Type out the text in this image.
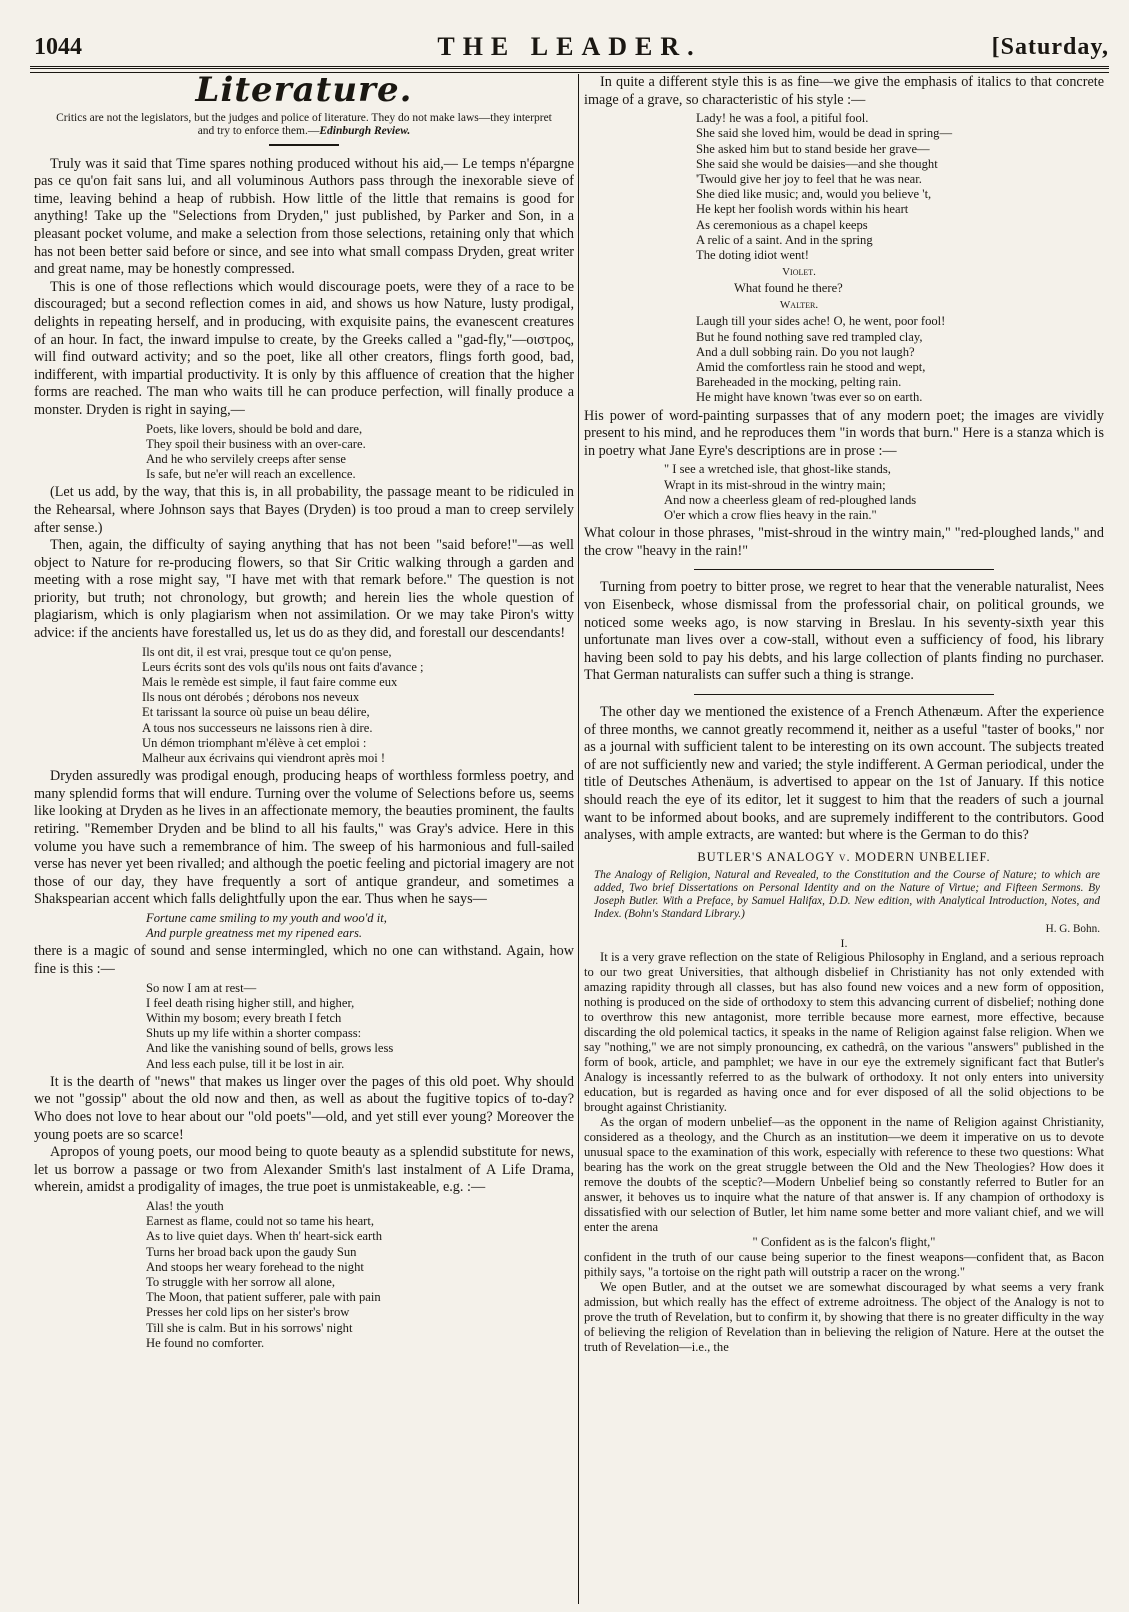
1044	THE LEADER.	[Saturday,
Literature.
Critics are not the legislators, but the judges and police of literature. They do not make laws—they interpret and try to enforce them.—Edinburgh Review.

Truly was it said that Time spares nothing produced without his aid,— Le temps n'épargne pas ce qu'on fait sans lui, and all voluminous Authors pass through the inexorable sieve of time, leaving behind a heap of rubbish. How little of the little that remains is good for anything! Take up the "Selections from Dryden," just published, by Parker and Son, in a pleasant pocket volume, and make a selection from those selections, retaining only that which has not been better said before or since, and see into what small compass Dryden, great writer and great name, may be honestly compressed.

This is one of those reflections which would discourage poets, were they of a race to be discouraged; but a second reflection comes in aid, and shows us how Nature, lusty prodigal, delights in repeating herself, and in producing, with exquisite pains, the evanescent creatures of an hour. In fact, the inward impulse to create, by the Greeks called a "gad-fly,"—οιστρος, will find outward activity; and so the poet, like all other creators, flings forth good, bad, indifferent, with impartial productivity. It is only by this affluence of creation that the higher forms are reached. The man who waits till he can produce perfection, will finally produce a monster. Dryden is right in saying,—

Poets, like lovers, should be bold and dare,
They spoil their business with an over-care.
And he who servilely creeps after sense
Is safe, but ne'er will reach an excellence.

(Let us add, by the way, that this is, in all probability, the passage meant to be ridiculed in the Rehearsal, where Johnson says that Bayes (Dryden) is too proud a man to creep servilely after sense.)

Then, again, the difficulty of saying anything that has not been "said before!"—as well object to Nature for re-producing flowers, so that Sir Critic walking through a garden and meeting with a rose might say, "I have met with that remark before." The question is not priority, but truth; not chronology, but growth; and herein lies the whole question of plagiarism, which is only plagiarism when not assimilation. Or we may take Piron's witty advice: if the ancients have forestalled us, let us do as they did, and forestall our descendants!

Ils ont dit, il est vrai, presque tout ce qu'on pense,
Leurs écrits sont des vols qu'ils nous ont faits d'avance ;
Mais le remède est simple, il faut faire comme eux
Ils nous ont dérobés ; dérobons nos neveux
Et tarissant la source où puise un beau délire,
A tous nos successeurs ne laissons rien à dire.
Un démon triomphant m'élève à cet emploi :
Malheur aux écrivains qui viendront après moi !

Dryden assuredly was prodigal enough, producing heaps of worthless formless poetry, and many splendid forms that will endure. Turning over the volume of Selections before us, seems like looking at Dryden as he lives in an affectionate memory, the beauties prominent, the faults retiring. "Remember Dryden and be blind to all his faults," was Gray's advice. Here in this volume you have such a remembrance of him. The sweep of his harmonious and full-sailed verse has never yet been rivalled; and although the poetic feeling and pictorial imagery are not those of our day, they have frequently a sort of antique grandeur, and sometimes a Shakspearian accent which falls delightfully upon the ear. Thus when he says—

Fortune came smiling to my youth and woo'd it,
And purple greatness met my ripened ears.

there is a magic of sound and sense intermingled, which no one can withstand. Again, how fine is this :—

So now I am at rest—
I feel death rising higher still, and higher,
Within my bosom; every breath I fetch
Shuts up my life within a shorter compass:
And like the vanishing sound of bells, grows less
And less each pulse, till it be lost in air.

It is the dearth of "news" that makes us linger over the pages of this old poet. Why should we not "gossip" about the old now and then, as well as about the fugitive topics of to-day? Who does not love to hear about our "old poets"—old, and yet still ever young? Moreover the young poets are so scarce!

Apropos of young poets, our mood being to quote beauty as a splendid substitute for news, let us borrow a passage or two from Alexander Smith's last instalment of A Life Drama, wherein, amidst a prodigality of images, the true poet is unmistakeable, e.g. :—

Alas! the youth
Earnest as flame, could not so tame his heart,
As to live quiet days. When th' heart-sick earth
Turns her broad back upon the gaudy Sun
And stoops her weary forehead to the night
To struggle with her sorrow all alone,
The Moon, that patient sufferer, pale with pain
Presses her cold lips on her sister's brow
Till she is calm. But in his sorrows' night
He found no comforter.

In quite a different style this is as fine—we give the emphasis of italics to that concrete image of a grave, so characteristic of his style :—

Lady! he was a fool, a pitiful fool.
She said she loved him, would be dead in spring—
She asked him but to stand beside her grave—
She said she would be daisies—and she thought
'Twould give her joy to feel that he was near.
She died like music; and, would you believe 't,
He kept her foolish words within his heart
As ceremonious as a chapel keeps
A relic of a saint. And in the spring
The doting idiot went!
Violet.
What found he there?
Walter.
Laugh till your sides ache! O, he went, poor fool!
But he found nothing save red trampled clay,
And a dull sobbing rain. Do you not laugh?
Amid the comfortless rain he stood and wept,
Bareheaded in the mocking, pelting rain.
He might have known 'twas ever so on earth.

His power of word-painting surpasses that of any modern poet; the images are vividly present to his mind, and he reproduces them "in words that burn." Here is a stanza which is in poetry what Jane Eyre's descriptions are in prose :—

" I see a wretched isle, that ghost-like stands,
Wrapt in its mist-shroud in the wintry main;
And now a cheerless gleam of red-ploughed lands
O'er which a crow flies heavy in the rain."

What colour in those phrases, "mist-shroud in the wintry main," "red-ploughed lands," and the crow "heavy in the rain!"

Turning from poetry to bitter prose, we regret to hear that the venerable naturalist, Nees von Eisenbeck, whose dismissal from the professorial chair, on political grounds, we noticed some weeks ago, is now starving in Breslau. In his seventy-sixth year this unfortunate man lives over a cow-stall, without even a sufficiency of food, his library having been sold to pay his debts, and his large collection of plants finding no purchaser. That German naturalists can suffer such a thing is strange.

The other day we mentioned the existence of a French Athenæum. After the experience of three months, we cannot greatly recommend it, neither as a useful "taster of books," nor as a journal with sufficient talent to be interesting on its own account. The subjects treated of are not sufficiently new and varied; the style indifferent. A German periodical, under the title of Deutsches Athenäum, is advertised to appear on the 1st of January. If this notice should reach the eye of its editor, let it suggest to him that the readers of such a journal want to be informed about books, and are supremely indifferent to the contributors. Good analyses, with ample extracts, are wanted: but where is the German to do this?

BUTLER'S ANALOGY v. MODERN UNBELIEF.
The Analogy of Religion, Natural and Revealed, to the Constitution and the Course of Nature; to which are added, Two brief Dissertations on Personal Identity and on the Nature of Virtue; and Fifteen Sermons. By Joseph Butler. With a Preface, by Samuel Halifax, D.D. New edition, with Analytical Introduction, Notes, and Index. (Bohn's Standard Library.)
H. G. Bohn.
I.

It is a very grave reflection on the state of Religious Philosophy in England, and a serious reproach to our two great Universities, that although disbelief in Christianity has not only extended with amazing rapidity through all classes, but has also found new voices and a new form of opposition, nothing is produced on the side of orthodoxy to stem this advancing current of disbelief; nothing done to overthrow this new antagonist, more terrible because more earnest, more effective, because discarding the old polemical tactics, it speaks in the name of Religion against false religion. When we say "nothing," we are not simply pronouncing, ex cathedrâ, on the various "answers" published in the form of book, article, and pamphlet; we have in our eye the extremely significant fact that Butler's Analogy is incessantly referred to as the bulwark of orthodoxy. It not only enters into university education, but is regarded as having once and for ever disposed of all the solid objections to be brought against Christianity.

As the organ of modern unbelief—as the opponent in the name of Religion against Christianity, considered as a theology, and the Church as an institution—we deem it imperative on us to devote unusual space to the examination of this work, especially with reference to these two questions: What bearing has the work on the great struggle between the Old and the New Theologies? How does it remove the doubts of the sceptic?—Modern Unbelief being so constantly referred to Butler for an answer, it behoves us to inquire what the nature of that answer is. If any champion of orthodoxy is dissatisfied with our selection of Butler, let him name some better and more valiant chief, and we will enter the arena

" Confident as is the falcon's flight,"

confident in the truth of our cause being superior to the finest weapons—confident that, as Bacon pithily says, "a tortoise on the right path will outstrip a racer on the wrong."

We open Butler, and at the outset we are somewhat discouraged by what seems a very frank admission, but which really has the effect of extreme adroitness. The object of the Analogy is not to prove the truth of Revelation, but to confirm it, by showing that there is no greater difficulty in the way of believing the religion of Revelation than in believing the religion of Nature. Here at the outset the truth of Revelation—i.e., the
